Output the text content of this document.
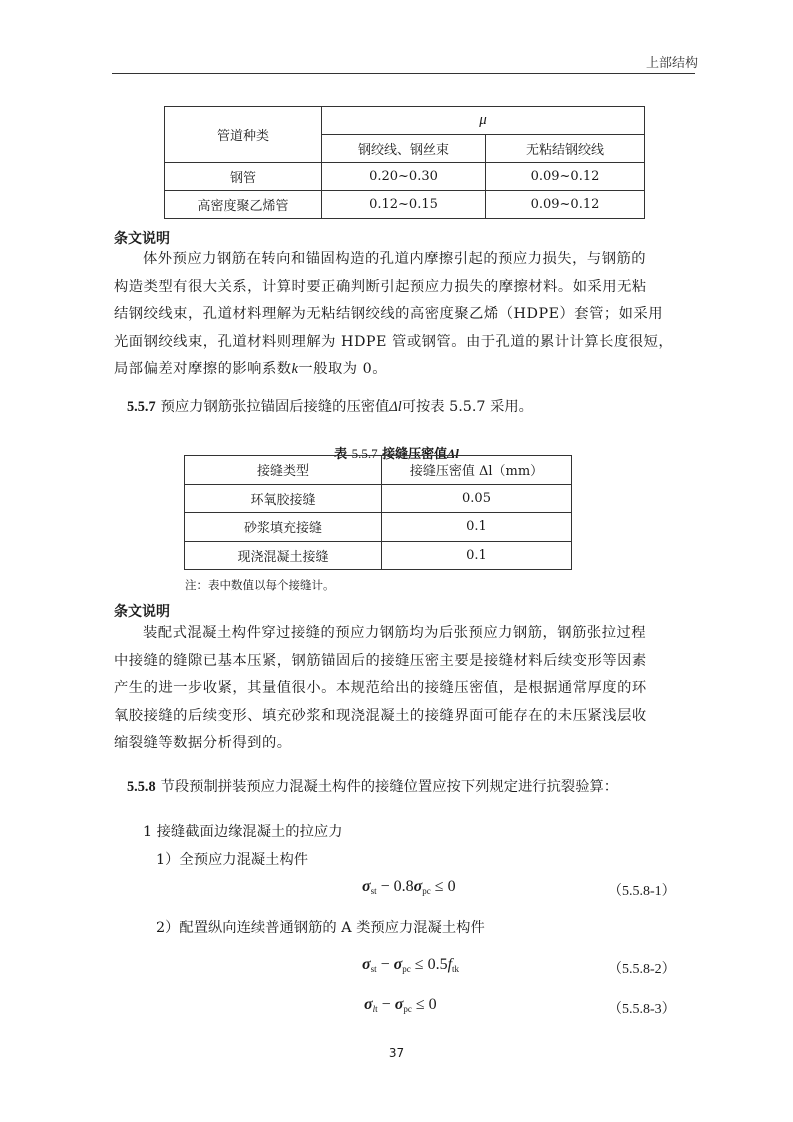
上部结构
管道种类	μ	
	钢绞线、钢丝束	无粘结钢绞线
钢管	0.20~0.30	0.09~0.12
高密度聚乙烯管	0.12~0.15	0.09~0.12
条文说明
体外预应力钢筋在转向和锚固构造的孔道内摩擦引起的预应力损失，与钢筋的
构造类型有很大关系，计算时要正确判断引起预应力损失的摩擦材料。如采用无粘
结钢绞线束，孔道材料理解为无粘结钢绞线的高密度聚乙烯（HDPE）套管；如采用
光面钢绞线束，孔道材料则理解为 HDPE 管或钢管。由于孔道的累计计算长度很短，
局部偏差对摩擦的影响系数k一般取为 0。
5.5.7 预应力钢筋张拉锚固后接缝的压密值Δl可按表 5.5.7 采用。
表 5.5.7 接缝压密值Δl
接缝类型	接缝压密值 Δl（mm）
环氧胶接缝	0.05
砂浆填充接缝	0.1
现浇混凝土接缝	0.1
注：表中数值以每个接缝计。
条文说明
装配式混凝土构件穿过接缝的预应力钢筋均为后张预应力钢筋，钢筋张拉过程
中接缝的缝隙已基本压紧，钢筋锚固后的接缝压密主要是接缝材料后续变形等因素
产生的进一步收紧，其量值很小。本规范给出的接缝压密值，是根据通常厚度的环
氧胶接缝的后续变形、填充砂浆和现浇混凝土的接缝界面可能存在的未压紧浅层收
缩裂缝等数据分析得到的。
5.5.8 节段预制拼装预应力混凝土构件的接缝位置应按下列规定进行抗裂验算：
1 接缝截面边缘混凝土的拉应力
1）全预应力混凝土构件
$\sigma_{st} - 0.8\sigma_{pc} \le 0$	（5.5.8-1）
2）配置纵向连续普通钢筋的 A 类预应力混凝土构件
$\sigma_{st} - \sigma_{pc} \le 0.5f_{tk}$	（5.5.8-2）
$\sigma_{lt} - \sigma_{pc} \le 0$	（5.5.8-3）
37
